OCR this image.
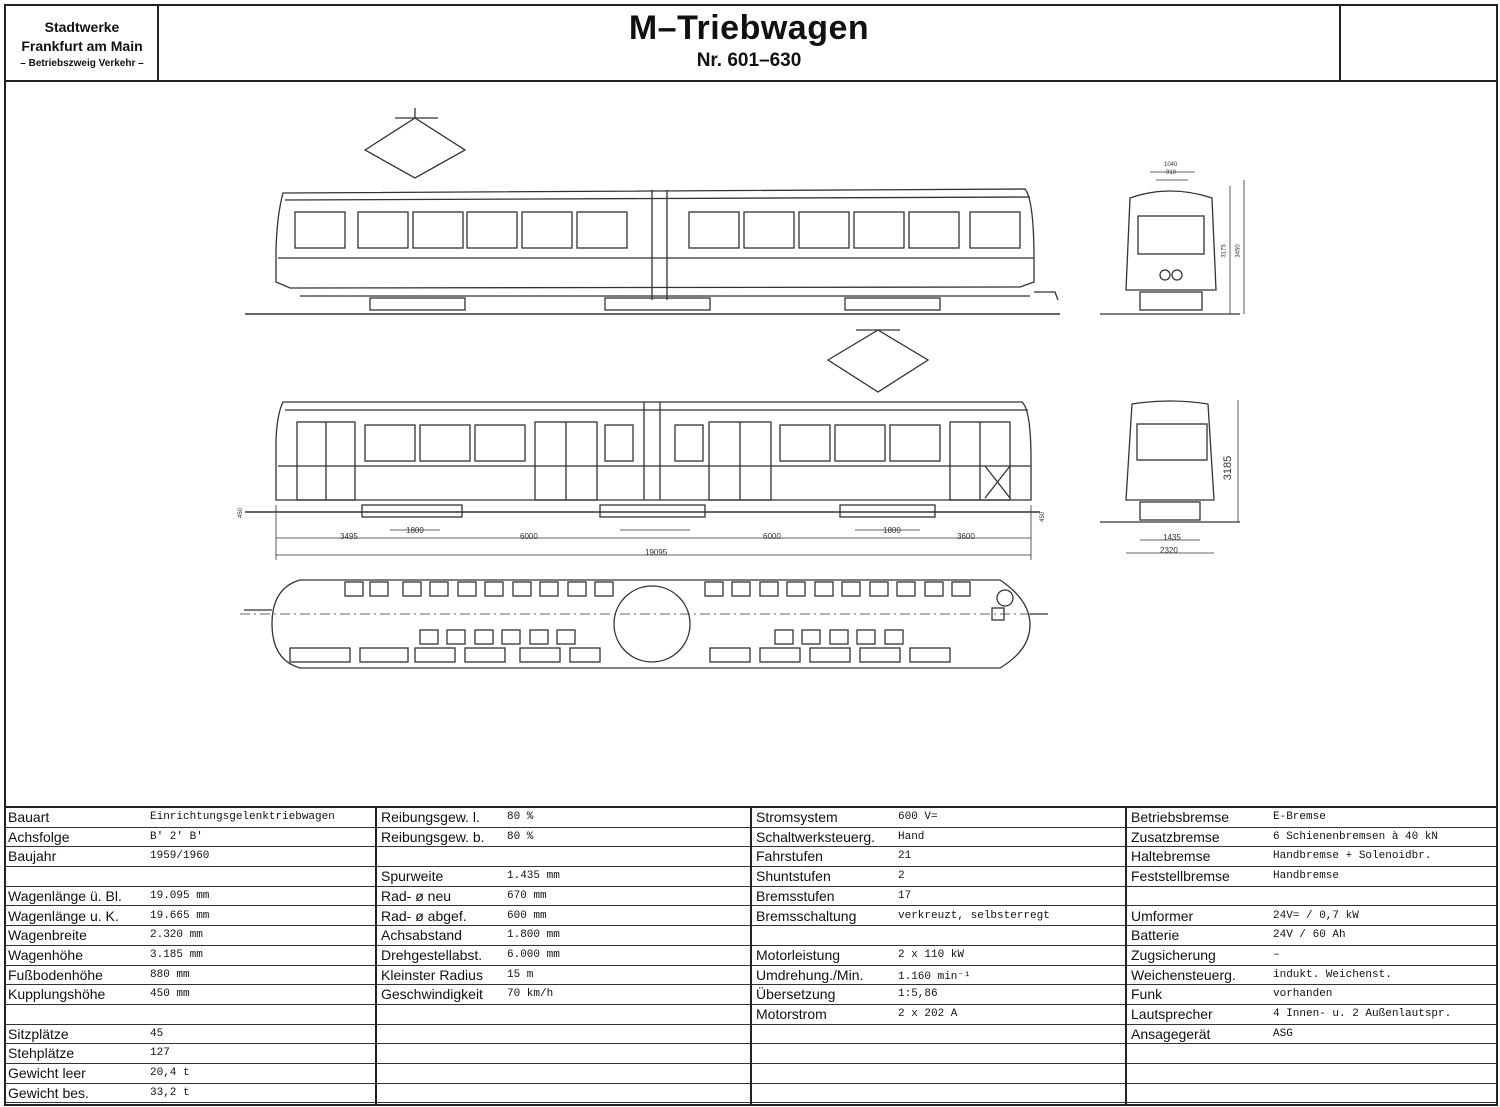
Stadtwerke
Frankfurt am Main
– Betriebszweig Verkehr –
M–Triebwagen
Nr. 601–630
3495
1800
6000	6000
1800
3600
19095
1040
910
3175 3450
3185
1435
2320
450	450
Bauart	Einrichtungsgelenktriebwagen
Achsfolge	B' 2' B'
Baujahr	1959/1960
Wagenlänge ü. Bl.	19.095 mm
Wagenlänge u. K.	19.665 mm
Wagenbreite	2.320 mm
Wagenhöhe	3.185 mm
Fußbodenhöhe	880 mm
Kupplungshöhe	450 mm
Sitzplätze	45
Stehplätze	127
Gewicht leer	20,4 t
Gewicht bes.	33,2 t
Reibungsgew. l. 80 %
Reibungsgew. b. 80 %
Spurweite	1.435 mm
Rad- ø neu	670 mm
Rad- ø abgef.	600 mm
Achsabstand	1.800 mm
Drehgestellabst. 6.000 mm
Kleinster Radius 15 m
Geschwindigkeit 70 km/h
Stromsystem	600 V=
Schaltwerksteuerg. Hand
Fahrstufen	21
Shuntstufen	2
Bremsstufen	17
Bremsschaltung	verkreuzt, selbsterregt
Motorleistung	2 x 110 kW
Umdrehung./Min.	1.160 min⁻¹
Übersetzung	1:5,86
Motorstrom	2 x 202 A
Betriebsbremse	E-Bremse
Zusatzbremse	6 Schienenbremsen à 40 kN
Haltebremse	Handbremse + Solenoidbr.
Feststellbremse	Handbremse
Umformer	24V= / 0,7 kW
Batterie	24V / 60 Ah
Zugsicherung	–
Weichensteuerg.	indukt. Weichenst.
Funk	vorhanden
Lautsprecher	4 Innen- u. 2 Außenlautspr.
Ansagegerät	ASG
